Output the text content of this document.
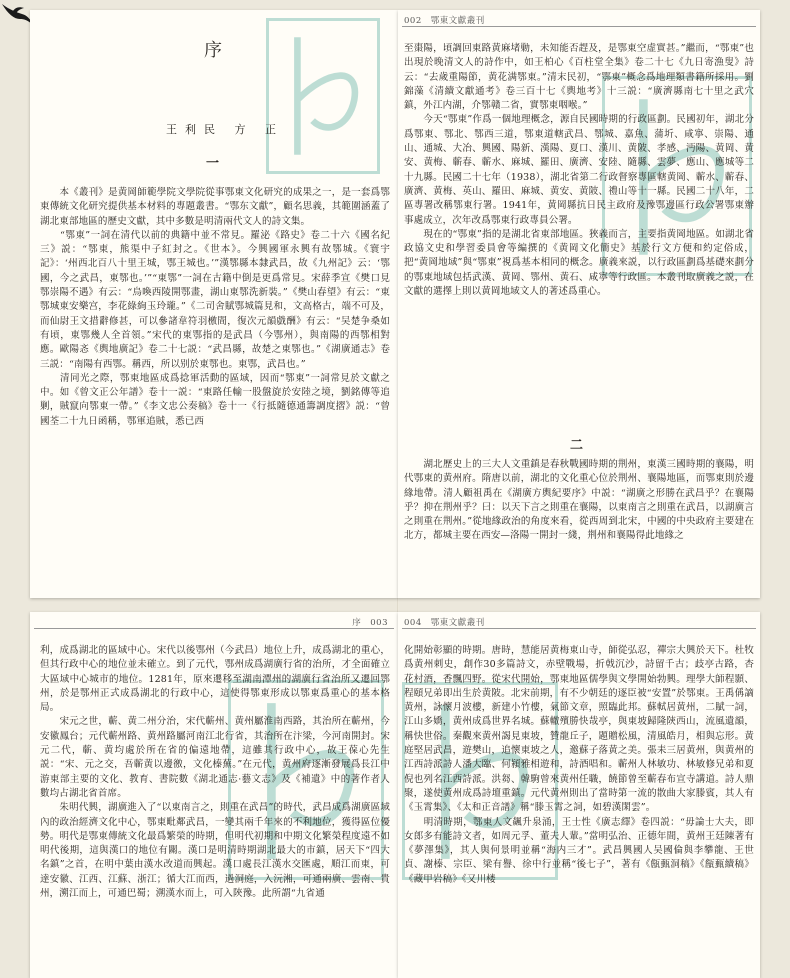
序
王利民 方 正
一
　　本《叢刊》是黄岡師範學院文學院從事鄂東文化研究的成果之一，是一套爲鄂東傳統文化研究提供基本材料的專題叢書。“鄂东文獻”，顧名思義，其範圍涵蓋了湖北東部地區的歷史文獻，其中多數是明清兩代文人的詩文集。
　　“鄂東”一詞在清代以前的典籍中並不常見。羅泌《路史》卷二十六《國名紀三》説：“鄂東，熊渠中子紅封之。《世本》。今興國軍永興有故鄂城。《寰宇記》：‘州西北百八十里王城，鄂王城也。’”漢鄂縣本隸武昌，故《九州記》云：‘鄂國，今之武昌，東鄂也。’”“東鄂”一詞在古籍中倒是更爲常見。宋薛季宣《樊口見鄂崇陽不遇》有云：“烏喚西陵開鄂畫，湖山東鄂洗新裝。”《樊山春望》有云：“東鄂城東安樂宫，李花綠絢玉玲瓏。”《二司舍賦鄂城篇見和，文高格古，端不可及，而仙尉王文措辭修甚，可以參諸韋符羽檄間，復次元韻戲酬》有云：“吴楚争桑如有頃，東鄂幾人全首領。”宋代的東鄂指的是武昌（今鄂州），與南陽的西鄂相對應。歐陽忞《輿地廣記》卷二十七説：“武昌縣，故楚之東鄂也。”《湖廣通志》卷三説：“南陽有西鄂。稱西，所以别於東鄂也。東鄂，武昌也。”
　　清同光之際，鄂東地區成爲捻軍活動的區域，因而“鄂東”一詞常見於文獻之中。如《曾文正公年譜》卷十一説：“東路任輸一股盤旋於安陸之境，劉銘傳等追剿，賊竄向鄂東一帶。”《李文忠公奏稿》卷十一《行抵隨德通籌調度摺》説：“曾國荃二十九日函稱，鄂軍追賊，悉已西
002　鄂東文獻叢刊
至棗陽，頃調回東路黄麻堵勦，未知能否趕及，是鄂東空虚實甚。”繼而，“鄂東”也出現於晚清文人的詩作中，如王柏心《百柱堂全集》卷二十七《九日寄漁叟》詩云：“去歲重陽節，黄花满鄂東。”清末民初，“鄂東”概念爲地理類書籍所採用。劉錦藻《清續文獻通考》卷三百十七《輿地考》十三説：“廣濟縣南七十里之武穴鎮，外江内湖，介鄂贛二省，實鄂東咽喉。”
　　今天“鄂東”作爲一個地理概念，源自民國時期的行政區劃。民國初年，湖北分爲鄂東、鄂北、鄂西三道，鄂東道轄武昌、鄂城、嘉魚、蒲圻、咸寧、崇陽、通山、通城、大冶、興國、陽新、漢陽、夏口、漢川、黄陂、孝感、沔陽、黄岡、黄安、黄梅、蘄春、蘄水、麻城、羅田、廣濟、安陸、隨縣、雲夢、應山、應城等二十九縣。民國二十七年（1938），湖北省第二行政督察專區轄黄岡、蘄水、蘄春、廣濟、黄梅、英山、羅田、麻城、黄安、黄陂、禮山等十一縣。民國二十八年，二區專署改稱鄂東行署。1941年，黄岡縣抗日民主政府及豫鄂邊區行政公署鄂東辦事處成立，次年改爲鄂東行政專員公署。
　　現在的“鄂東”指的是湖北省東部地區。狹義而言，主要指黄岡地區。如湖北省政協文史和學習委員會等編撰的《黄岡文化簡史》基於行文方便和約定俗成，把“黄岡地域”與“鄂東”視爲基本相同的概念。廣義來説，以行政區劃爲基礎來劃分的鄂東地域包括武漢、黄岡、鄂州、黄石、咸寧等行政區。本叢刊取廣義之説，在文獻的選擇上則以黄岡地域文人的著述爲重心。
二
　　湖北歷史上的三大人文重鎮是春秋戰國時期的荆州，東漢三國時期的襄陽，明代鄂東的黄州府。隋唐以前，湖北的文化重心位於荆州、襄陽地區，而鄂東則於邊緣地帶。清人顧祖禹在《湖廣方輿紀要序》中説：“湖廣之形勝在武昌乎？在襄陽乎？抑在荆州乎？曰：以天下言之則重在襄陽，以東南言之則重在武昌，以湖廣言之則重在荆州。”從地緣政治的角度來看，從西周到北宋，中國的中央政府主要建在北方，都城主要在西安—洛陽一開封一綫，荆州和襄陽得此地緣之
序　003
利，成爲湖北的區域中心。宋代以後鄂州（今武昌）地位上升，成爲湖北的重心，但其行政中心的地位並未確立。到了元代，鄂州成爲湖廣行省的治所，才全面確立大區域中心城市的地位。1281年，原來遷移至湖南潭州的湖廣行省治所又遷回鄂州，於是鄂州正式成爲湖北的行政中心，這使得鄂東形成以鄂東爲重心的基本格局。
　　宋元之世，蘄、黄二州分治，宋代蘄州、黄州屬淮南西路，其治所在蘄州，今安徽鳳台；元代蘄州路、黄州路屬河南江北行省，其治所在汴梁，今河南開封。宋元二代，蘄、黄均處於所在省的偏遠地帶，這雖其行政中心，故王葆心先生説：“宋、元之交，吾蘄黄以邊徼，文化榛蕪。”在元代，黄州府逐漸發展爲長江中游東部主要的文化、教育、書院數《湖北通志·藝文志》及《補遺》中的著作者人數均占湖北省首席。
　　朱明代興，湖廣進入了“以東南言之，則重在武昌”的時代，武昌成爲湖廣區域內的政治經濟文化中心，鄂東毗鄰武昌，一變其兩千年來的不利地位，獲得區位優勢。明代是鄂東傳統文化最爲繁榮的時期，但明代初期和中期文化繁榮程度遠不如明代後期，這與漢口的地位有關。漢口是明清時期湖北最大的市鎮，居天下“四大名鎮”之首，在明中葉由漢水改道而興起。漢口處長江漢水交匯處，順江而東，可達安徽、江西、江蘇、浙江；循大江而西，過洞庭，入沅湘，可通兩廣、雲南、貴州，溯江而上，可通巴蜀；溯漢水而上，可入陝豫。此所謂“九省通
004　鄂東文獻叢刊
化開始彰顯的時期。唐時，慧能居黄梅東山寺，師從弘忍，禪宗大興於天下。杜牧爲黄州刺史，創作30多篇詩文，赤壁戰場，折戟沉沙，詩留千古；歧亭古路，杏花村酒，香飄四野。從宋代開始，鄂東地區儒學與文學開始勃興。理學大師程顥、程頤兄弟即出生於黄陂。北宋前期，有不少朝廷的逐臣被“安置”於鄂東。王禹偁謫黄州，詠懷月波樓，新建小竹樓，氣節文章，照臨此邦。蘇軾居黄州，二賦一詞，江山多嬌，黄州成爲世界名城。蘇轍殯勝快哉亭，與東坡歸隆陝西山，流風遺韻，稱快世俗。秦觀來黄州謁見東坡，贊龍丘子，題贈松風，清風皓月，相與忘形。黄庭堅居武昌，遊樊山，追懷東坡之人，邀蘇子落黄之美。張耒三居黄州，與黄州的江西詩派詩人潘大臨、何潁雅相遊和，詩酒唱和。蘄州人林敏功、林敏修兄弟和夏倪也列名江西詩派。洪芻、韓駒曾來黄州任職，饒節曾至蘄春布宣寺講道。詩人鼎聚，遂使黄州成爲詩壇重鎮。元代黄州則出了當時第一流的散曲大家滕賓，其人有《玉霄集》、《太和正音譜》稱“滕玉霄之詞，如碧漢閑雲”。
　　明清時期，鄂東人文飆升泉涌，王士性《廣志繹》卷四説：“毋論士大夫，即女郎多有能詩文者，如周元孚、董夫人輩。”當明弘治、正德年間，黄州王廷陳著有《夢澤集》，其人與何景明並稱“海内三才”。武昌興國人吴國倫與李攀龍、王世貞、謝榛、宗臣、梁有譽、徐中行並稱“後七子”，著有《甔甀洞稿》《甔甀續稿》《藏甲岩稿》《又川楼
